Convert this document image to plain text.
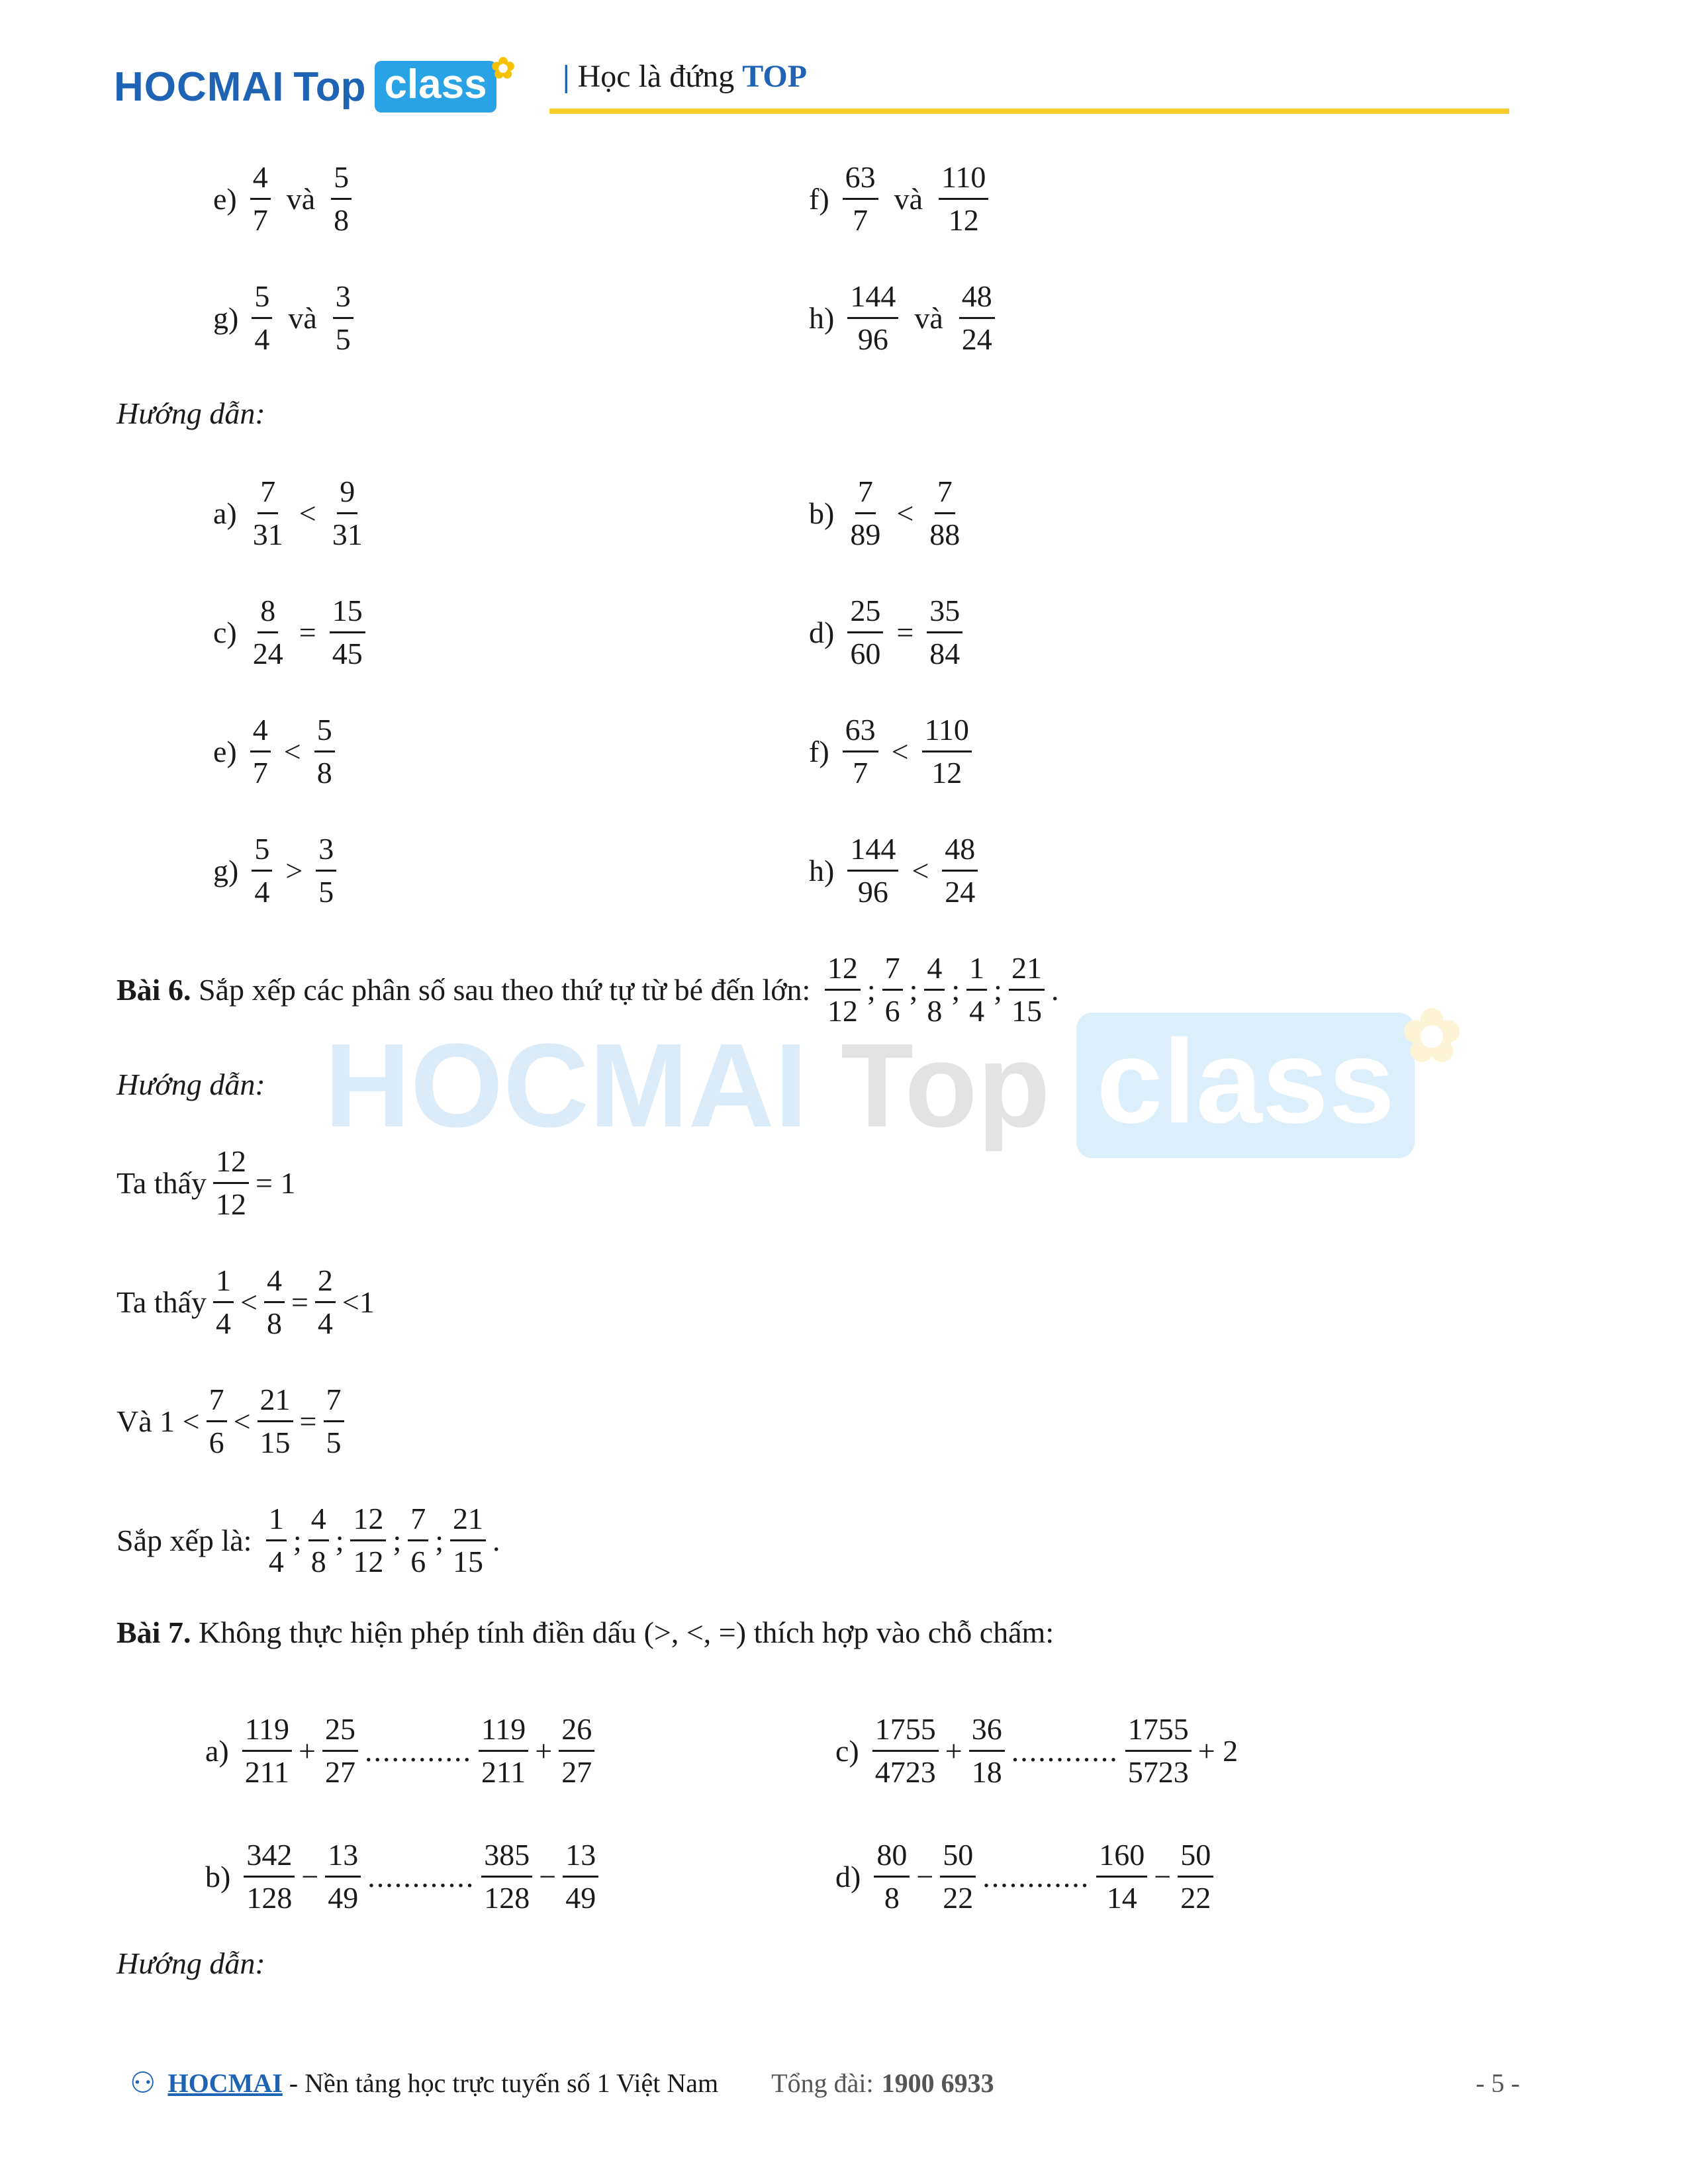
HOCMAI Top class ✿ | Học là đứng TOP
HOCMAI Top class ✿
$e) \frac{4}{7}$ và $\frac{5}{8}$	$f) \frac{63}{7}$ và $\frac{110}{12}$
$g) \frac{5}{4}$ và $\frac{3}{5}$	$h) \frac{144}{96}$ và $\frac{48}{24}$
Hướng dẫn:
$a) \frac{7}{31} < \frac{9}{31}$	$b) \frac{7}{89} < \frac{7}{88}$
$c) \frac{8}{24} = \frac{15}{45}$	$d) \frac{25}{60} = \frac{35}{84}$
$e) \frac{4}{7} < \frac{5}{8}$	$f) \frac{63}{7} < \frac{110}{12}$
$g) \frac{5}{4} > \frac{3}{5}$	$h) \frac{144}{96} < \frac{48}{24}$
Bài 6.
Sắp xếp các phân số sau theo thứ tự từ bé đến lớn:
$\frac{12}{12}$ ; $\frac{7}{6}$ ; $\frac{4}{8}$ ; $\frac{1}{4}$ ; $\frac{21}{15}$ .
Hướng dẫn:
Ta thấy $\frac{12}{12} = 1$
Ta thấy $\frac{1}{4} < \frac{4}{8} = \frac{2}{4} <1$
Và $1 < \frac{7}{6} < \frac{21}{15} = \frac{7}{5}$
Sắp xếp là:
$\frac{1}{4}$ ; $\frac{4}{8}$ ; $\frac{12}{12}$ ; $\frac{7}{6}$ ; $\frac{21}{15}$ .
Bài 7. Không thực hiện phép tính điền dấu (>, <, =) thích hợp vào chỗ chấm:
$a) \frac{119}{211} + \frac{25}{27}$ ............ $\frac{119}{211} + \frac{26}{27}$	$c) \frac{1755}{4723} + \frac{36}{18}$ ............ $\frac{1755}{5723} + 2$
$b) \frac{342}{128} - \frac{13}{49}$ ............ $\frac{385}{128} - \frac{13}{49}$	$d) \frac{80}{8} - \frac{50}{22}$ ............ $\frac{160}{14} - \frac{50}{22}$
Hướng dẫn:
⚇ HOCMAI - Nền tảng học trực tuyến số 1 Việt Nam Tổng đài: 1900 6933	- 5 -
